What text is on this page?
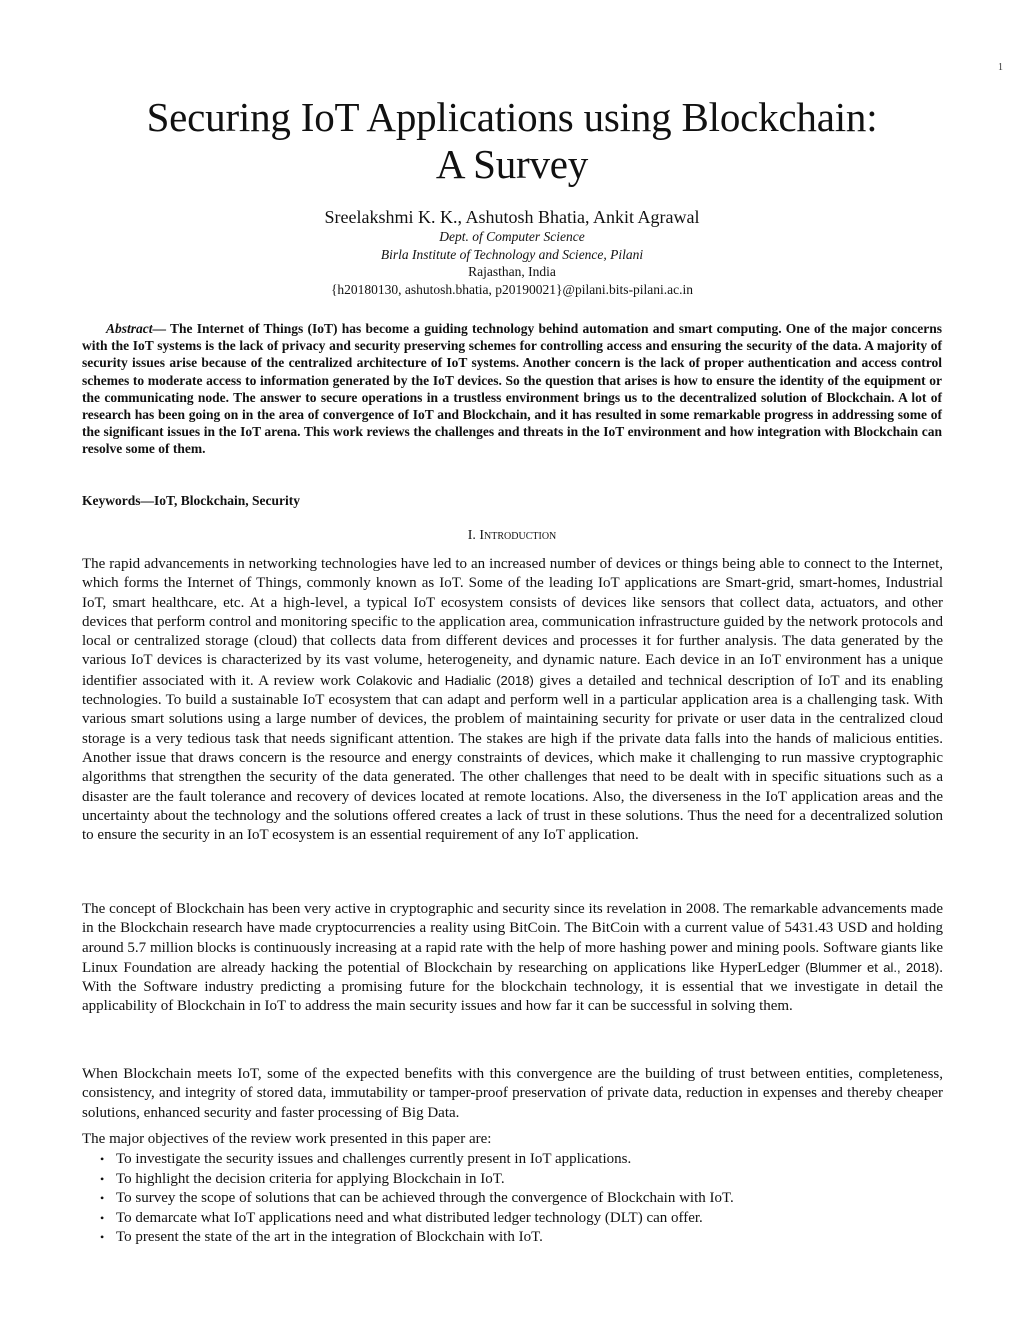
1
Securing IoT Applications using Blockchain:
A Survey
Sreelakshmi K. K., Ashutosh Bhatia, Ankit Agrawal
Dept. of Computer Science
Birla Institute of Technology and Science, Pilani
Rajasthan, India
{h20180130, ashutosh.bhatia, p20190021}@pilani.bits-pilani.ac.in

Abstract— The Internet of Things (IoT) has become a guiding technology behind automation and smart computing. One of the major concerns with the IoT systems is the lack of privacy and security preserving schemes for controlling access and ensuring the security of the data. A majority of security issues arise because of the centralized architecture of IoT systems. Another concern is the lack of proper authentication and access control schemes to moderate access to information generated by the IoT devices. So the question that arises is how to ensure the identity of the equipment or the communicating node. The answer to secure operations in a trustless environment brings us to the decentralized solution of Blockchain. A lot of research has been going on in the area of convergence of IoT and Blockchain, and it has resulted in some remarkable progress in addressing some of the significant issues in the IoT arena. This work reviews the challenges and threats in the IoT environment and how integration with Blockchain can resolve some of them.

Keywords—IoT, Blockchain, Security

I. Introduction

The rapid advancements in networking technologies have led to an increased number of devices or things being able to connect to the Internet, which forms the Internet of Things, commonly known as IoT. Some of the leading IoT applications are Smart-grid, smart-homes, Industrial IoT, smart healthcare, etc. At a high-level, a typical IoT ecosystem consists of devices like sensors that collect data, actuators, and other devices that perform control and monitoring specific to the application area, communication infrastructure guided by the network protocols and local or centralized storage (cloud) that collects data from different devices and processes it for further analysis. The data generated by the various IoT devices is characterized by its vast volume, heterogeneity, and dynamic nature. Each device in an IoT environment has a unique identifier associated with it. A review work Colakovic and Hadialic (2018) gives a detailed and technical description of IoT and its enabling technologies. To build a sustainable IoT ecosystem that can adapt and perform well in a particular application area is a challenging task. With various smart solutions using a large number of devices, the problem of maintaining security for private or user data in the centralized cloud storage is a very tedious task that needs significant attention. The stakes are high if the private data falls into the hands of malicious entities. Another issue that draws concern is the resource and energy constraints of devices, which make it challenging to run massive cryptographic algorithms that strengthen the security of the data generated. The other challenges that need to be dealt with in specific situations such as a disaster are the fault tolerance and recovery of devices located at remote locations. Also, the diverseness in the IoT application areas and the uncertainty about the technology and the solutions offered creates a lack of trust in these solutions. Thus the need for a decentralized solution to ensure the security in an IoT ecosystem is an essential requirement of any IoT application.

The concept of Blockchain has been very active in cryptographic and security since its revelation in 2008. The remarkable advancements made in the Blockchain research have made cryptocurrencies a reality using BitCoin. The BitCoin with a current value of 5431.43 USD and holding around 5.7 million blocks is continuously increasing at a rapid rate with the help of more hashing power and mining pools. Software giants like Linux Foundation are already hacking the potential of Blockchain by researching on applications like HyperLedger (Blummer et al., 2018). With the Software industry predicting a promising future for the blockchain technology, it is essential that we investigate in detail the applicability of Blockchain in IoT to address the main security issues and how far it can be successful in solving them.

When Blockchain meets IoT, some of the expected benefits with this convergence are the building of trust between entities, completeness, consistency, and integrity of stored data, immutability or tamper-proof preservation of private data, reduction in expenses and thereby cheaper solutions, enhanced security and faster processing of Big Data.

The major objectives of the review work presented in this paper are:

• To investigate the security issues and challenges currently present in IoT applications.
• To highlight the decision criteria for applying Blockchain in IoT.
• To survey the scope of solutions that can be achieved through the convergence of Blockchain with IoT.
• To demarcate what IoT applications need and what distributed ledger technology (DLT) can offer.
• To present the state of the art in the integration of Blockchain with IoT.
